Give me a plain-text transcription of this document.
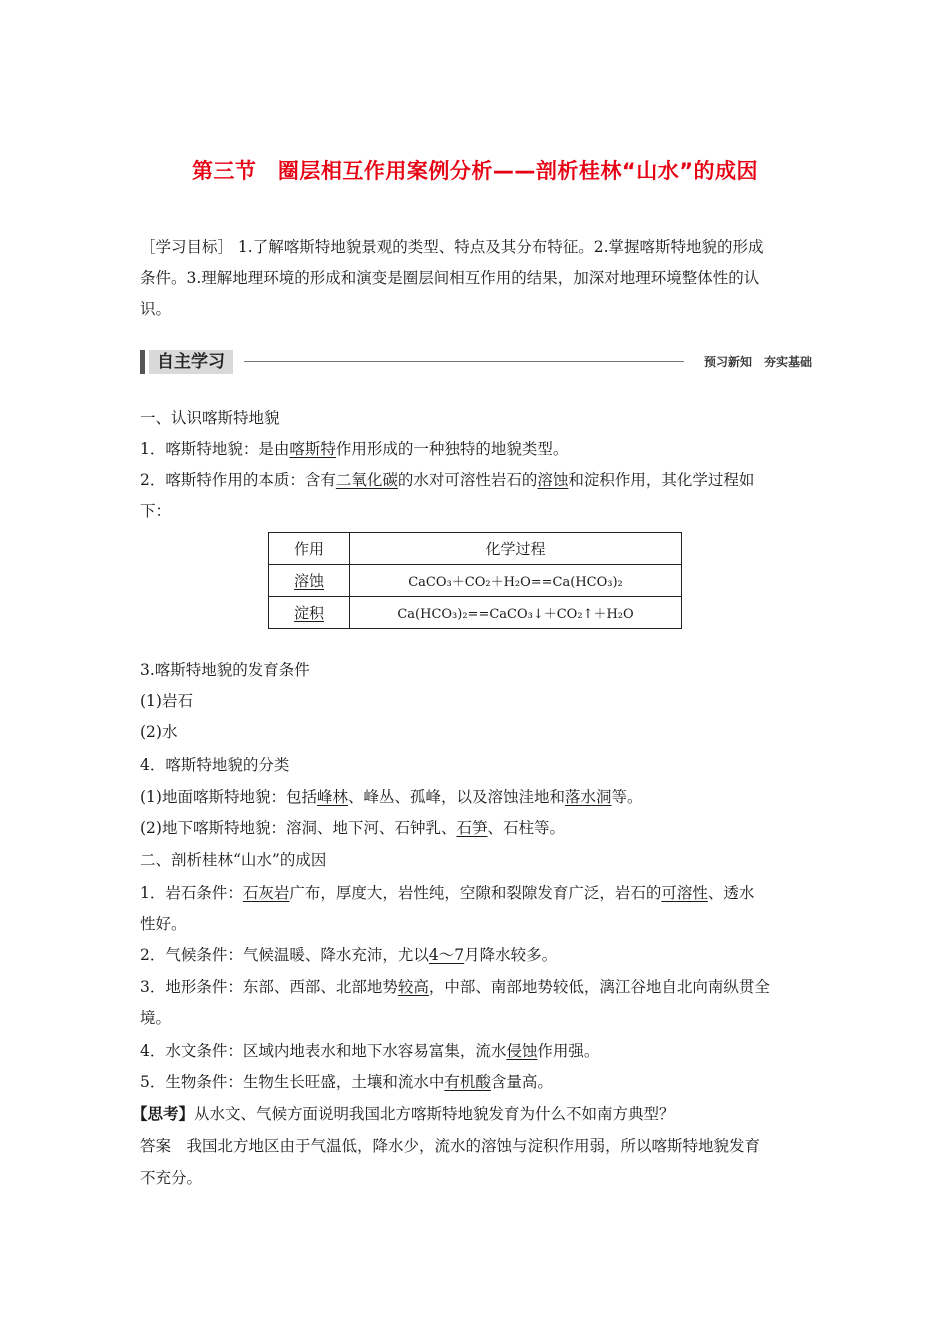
第三节　圈层相互作用案例分析——剖析桂林“山水”的成因
［学习目标］ 1.了解喀斯特地貌景观的类型、特点及其分布特征。2.掌握喀斯特地貌的形成
条件。3.理解地理环境的形成和演变是圈层间相互作用的结果，加深对地理环境整体性的认
识。
自主学习	预习新知　夯实基础
一、认识喀斯特地貌
1．喀斯特地貌：是由喀斯特作用形成的一种独特的地貌类型。
2．喀斯特作用的本质：含有二氧化碳的水对可溶性岩石的溶蚀和淀积作用，其化学过程如
下：
作用	化学过程
溶蚀	CaCO₃＋CO₂＋H₂O==Ca(HCO₃)₂
淀积	Ca(HCO₃)₂==CaCO₃↓＋CO₂↑＋H₂O
3.喀斯特地貌的发育条件
(1)岩石
(2)水
4．喀斯特地貌的分类
(1)地面喀斯特地貌：包括峰林、峰丛、孤峰，以及溶蚀洼地和落水洞等。
(2)地下喀斯特地貌：溶洞、地下河、石钟乳、石笋、石柱等。
二、剖析桂林“山水”的成因
1．岩石条件：石灰岩广布，厚度大，岩性纯，空隙和裂隙发育广泛，岩石的可溶性、透水
性好。
2．气候条件：气候温暖、降水充沛，尤以4～7月降水较多。
3．地形条件：东部、西部、北部地势较高，中部、南部地势较低，漓江谷地自北向南纵贯全
境。
4．水文条件：区域内地表水和地下水容易富集，流水侵蚀作用强。
5．生物条件：生物生长旺盛，土壤和流水中有机酸含量高。
【思考】从水文、气候方面说明我国北方喀斯特地貌发育为什么不如南方典型？
答案　 我国北方地区由于气温低，降水少，流水的溶蚀与淀积作用弱，所以喀斯特地貌发育
不充分。
